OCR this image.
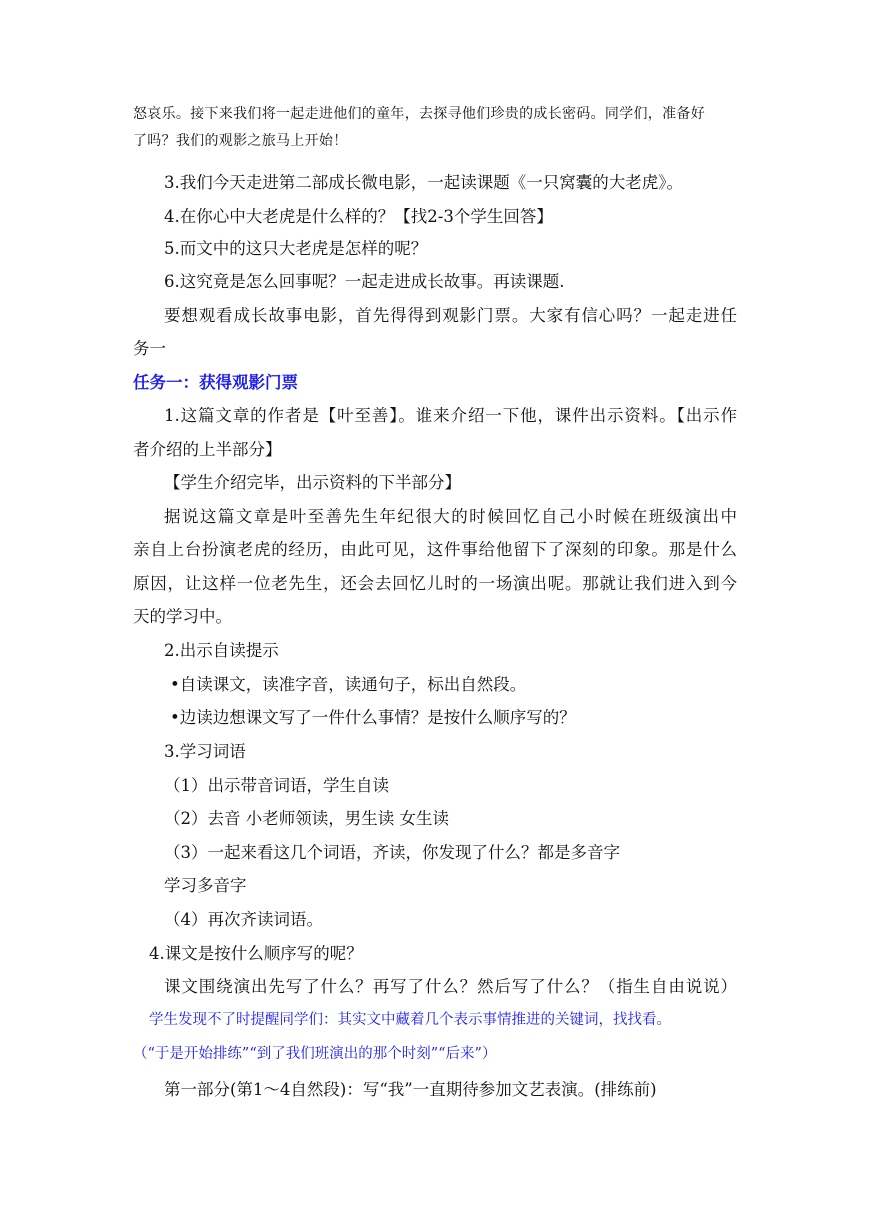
怒哀乐。接下来我们将一起走进他们的童年，去探寻他们珍贵的成长密码。同学们，准备好
了吗？我们的观影之旅马上开始！
3.我们今天走进第二部成长微电影，一起读课题《一只窝囊的大老虎》。
4.在你心中大老虎是什么样的？【找2-3个学生回答】
5.而文中的这只大老虎是怎样的呢？
6.这究竟是怎么回事呢？一起走进成长故事。再读课题.
要想观看成长故事电影，首先得得到观影门票。大家有信心吗？一起走进任
务一
任务一：获得观影门票
1.这篇文章的作者是【叶至善】。谁来介绍一下他，课件出示资料。【出示作
者介绍的上半部分】
【学生介绍完毕，出示资料的下半部分】
据说这篇文章是叶至善先生年纪很大的时候回忆自己小时候在班级演出中
亲自上台扮演老虎的经历，由此可见，这件事给他留下了深刻的印象。那是什么
原因，让这样一位老先生，还会去回忆儿时的一场演出呢。那就让我们进入到今
天的学习中。
2.出示自读提示
•自读课文，读准字音，读通句子，标出自然段。
•边读边想课文写了一件什么事情？是按什么顺序写的？
3.学习词语
（1）出示带音词语，学生自读
（2）去音 小老师领读，男生读 女生读
（3）一起来看这几个词语，齐读，你发现了什么？都是多音字
学习多音字
（4）再次齐读词语。
4.课文是按什么顺序写的呢？
课文围绕演出先写了什么？再写了什么？然后写了什么？（指生自由说说）
学生发现不了时提醒同学们：其实文中藏着几个表示事情推进的关键词，找找看。
（“于是开始排练”“到了我们班演出的那个时刻”“后来”）
第一部分(第1～4自然段)：写“我”一直期待参加文艺表演。(排练前)
